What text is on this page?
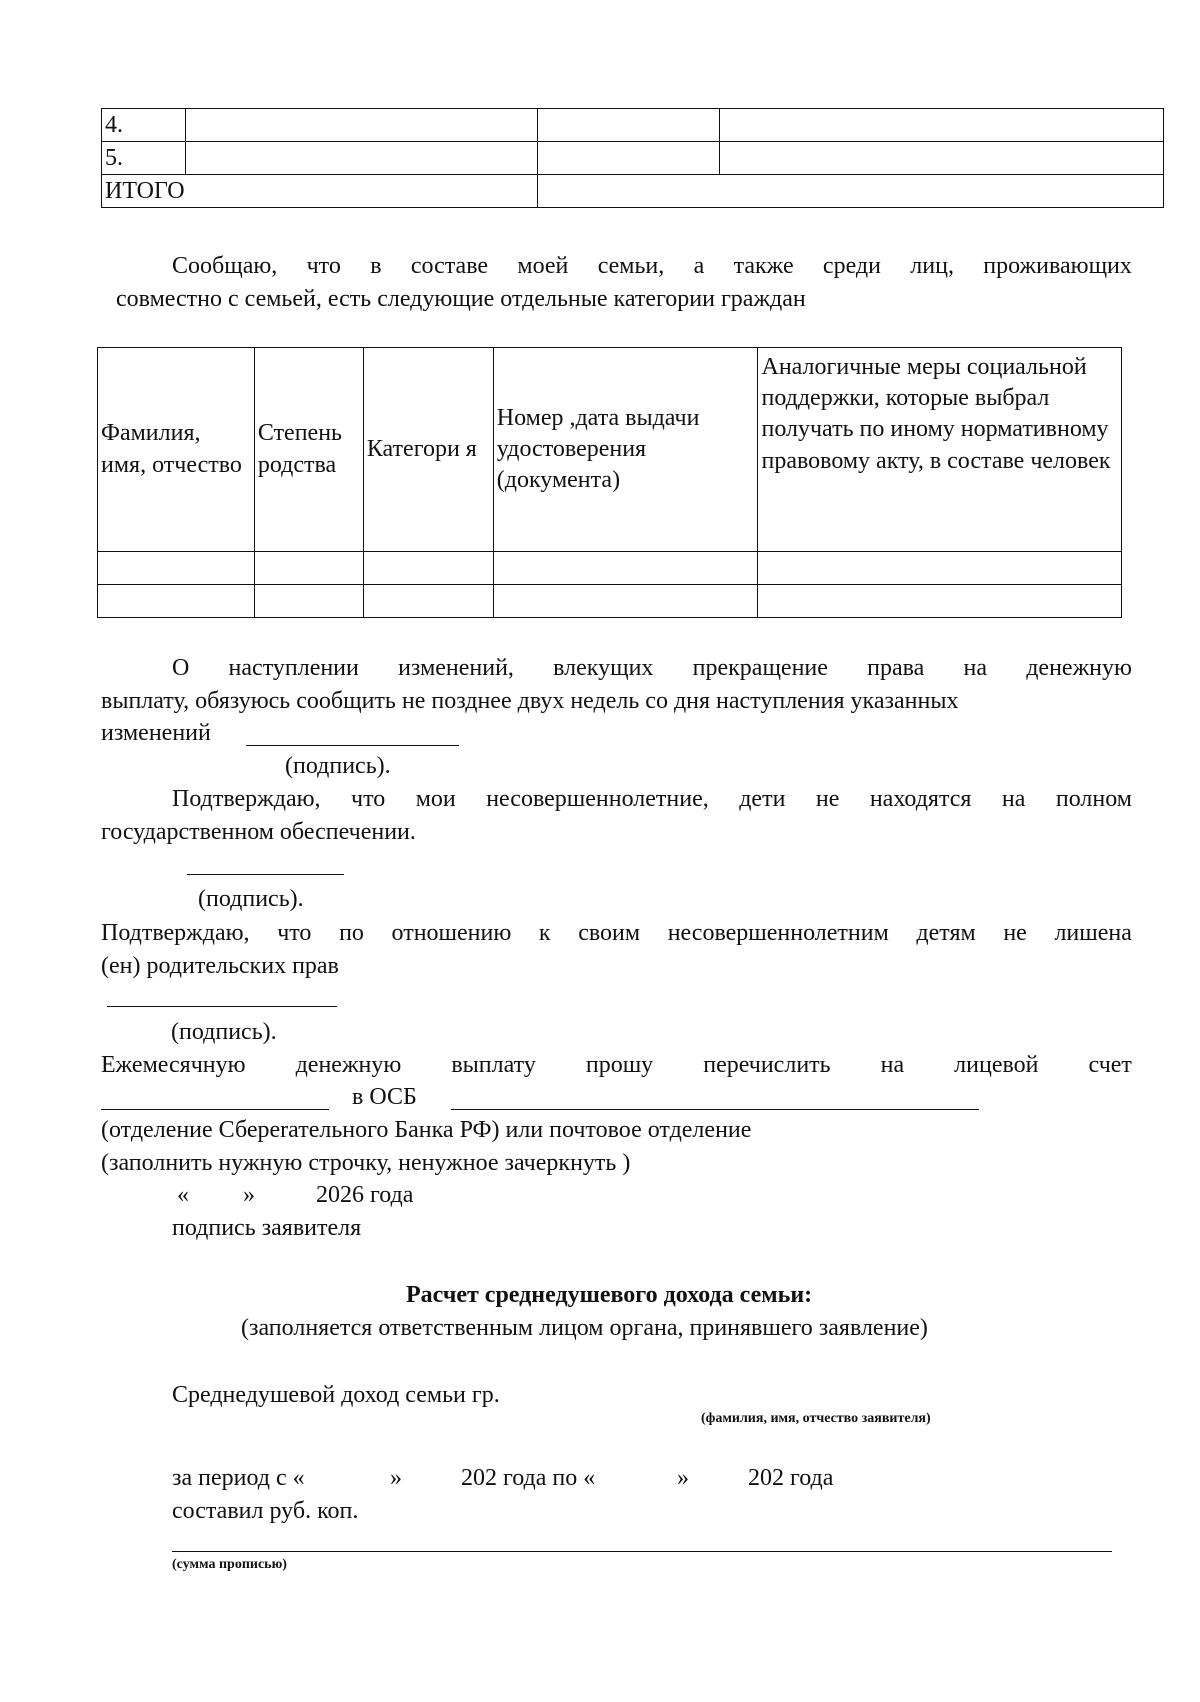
4.			
5.			
ИТОГО			
Сообщаю, что в составе моей семьи, а также среди лиц, проживающих
совместно с семьей, есть следующие отдельные категории граждан
Фамилия, имя, отчество	Степень родства	Категори я	Номер ,дата выдачи удостоверения (документа)	Аналогичные меры социальной поддержки, которые выбрал получать по иному нормативному правовому акту, в составе человек

О наступлении изменений, влекущих прекращение права на денежную
выплату, обязуюсь сообщить не позднее двух недель со дня наступления указанных
изменений
(подпись).
Подтверждаю, что мои несовершеннолетние, дети не находятся на полном
государственном обеспечении.
(подпись).
Подтверждаю, что по отношению к своим несовершеннолетним детям не лишена
(ен) родительских прав
(подпись).
Ежемесячную денежную выплату прошу перечислить на лицевой счет
в ОСБ
(отделение Сбереrательного Банка РФ) или почтовое отделение
(заполнить нужную строчку, ненужное зачеркнуть )
« »	2026 года
подпись заявителя
Расчет среднедушевого дохода семьи:
(заполняется ответственным лицом органа, принявшего заявление)
Среднедушевой доход семьи гр.
(фамилия, имя, отчество заявителя)
за период с «	» 202 года по «	» 202 года
составил руб. коп.
(сумма прописью)
